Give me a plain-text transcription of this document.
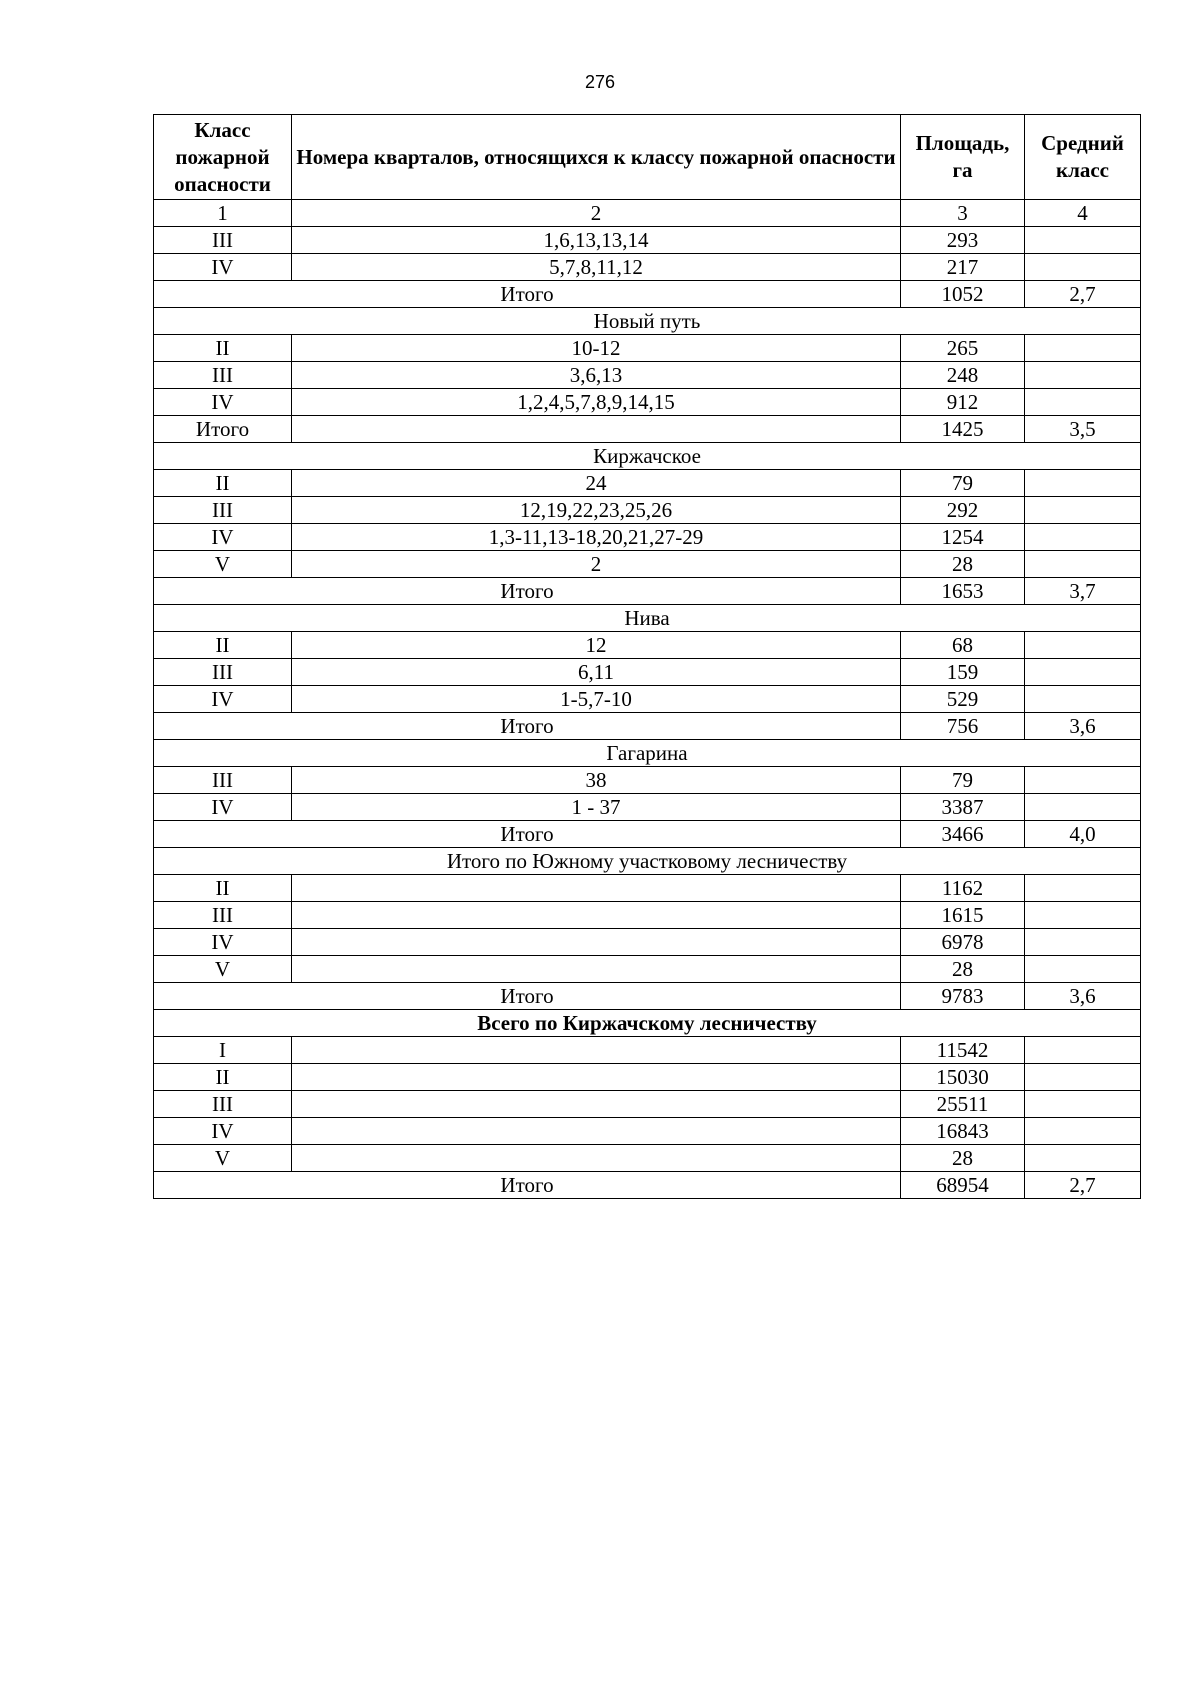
276
Класс пожарной опасности	Номера кварталов, относящихся к классу пожарной опасности	Площадь, га	Средний класс
1	2	3	4
III	1,6,13,13,14	293	
IV	5,7,8,11,12	217	
Итого		1052	2,7
Новый путь			
II	10-12	265	
III	3,6,13	248	
IV	1,2,4,5,7,8,9,14,15	912	
Итого		1425	3,5
Киржачское			
II	24	79	
III	12,19,22,23,25,26	292	
IV	1,3-11,13-18,20,21,27-29	1254	
V	2	28	
Итого		1653	3,7
Нива			
II	12	68	
III	6,11	159	
IV	1-5,7-10	529	
Итого		756	3,6
Гагарина			
III	38	79	
IV	1 - 37	3387	
Итого		3466	4,0
Итого по Южному участковому лесничеству			
II		1162	
III		1615	
IV		6978	
V		28	
Итого		9783	3,6
Всего по Киржачскому лесничеству			
I		11542	
II		15030	
III		25511	
IV		16843	
V		28	
Итого		68954	2,7
